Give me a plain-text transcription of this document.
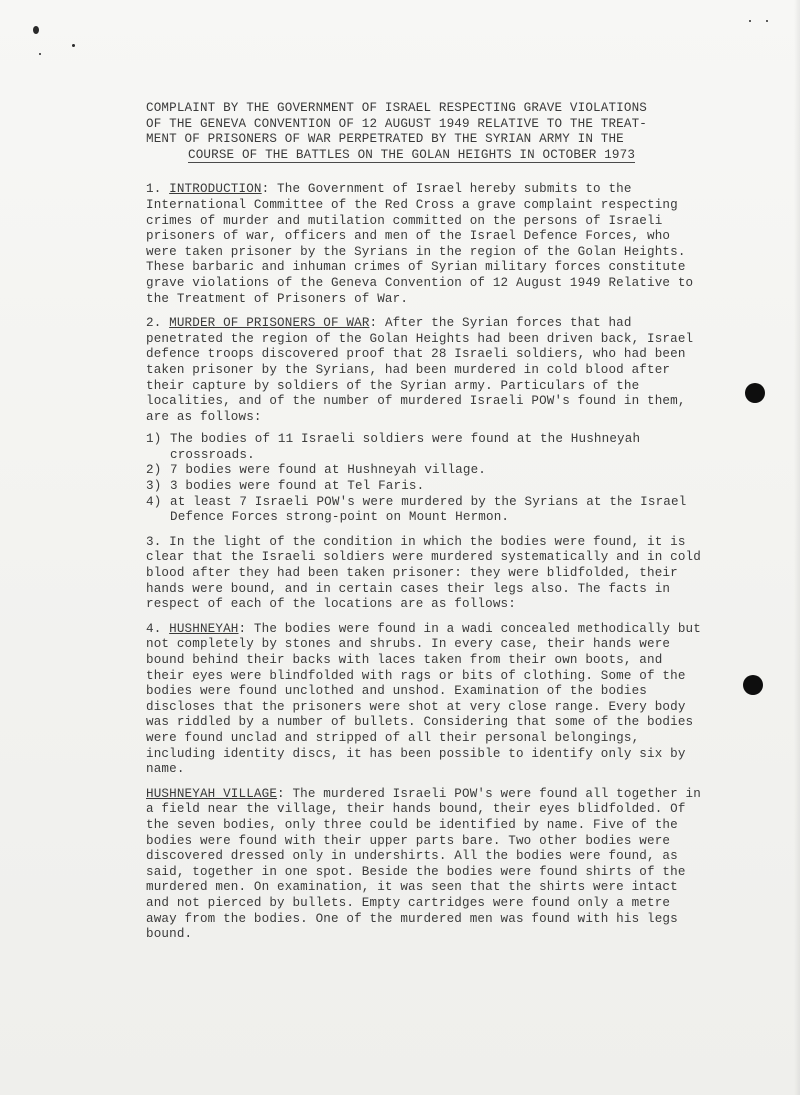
COMPLAINT BY THE GOVERNMENT OF ISRAEL RESPECTING GRAVE VIOLATIONS
OF THE GENEVA CONVENTION OF 12 AUGUST 1949 RELATIVE TO THE TREAT-
MENT OF PRISONERS OF WAR PERPETRATED BY THE SYRIAN ARMY IN THE
COURSE OF THE BATTLES ON THE GOLAN HEIGHTS IN OCTOBER 1973
1. INTRODUCTION: The Government of Israel hereby submits to the International Committee of the Red Cross a grave complaint respecting crimes of murder and mutilation committed on the persons of Israeli prisoners of war, officers and men of the Israel Defence Forces, who were taken prisoner by the Syrians in the region of the Golan Heights. These barbaric and inhuman crimes of Syrian military forces constitute grave violations of the Geneva Convention of 12 August 1949 Relative to the Treatment of Prisoners of War.
2. MURDER OF PRISONERS OF WAR: After the Syrian forces that had penetrated the region of the Golan Heights had been driven back, Israel defence troops discovered proof that 28 Israeli soldiers, who had been taken prisoner by the Syrians, had been murdered in cold blood after their capture by soldiers of the Syrian army. Particulars of the localities, and of the number of murdered Israeli POW's found in them, are as follows:
1) The bodies of 11 Israeli soldiers were found at the Hushneyah crossroads.
2) 7 bodies were found at Hushneyah village.
3) 3 bodies were found at Tel Faris.
4) at least 7 Israeli POW's were murdered by the Syrians at the Israel Defence Forces strong-point on Mount Hermon.
3. In the light of the condition in which the bodies were found, it is clear that the Israeli soldiers were murdered systematically and in cold blood after they had been taken prisoner: they were blidfolded, their hands were bound, and in certain cases their legs also. The facts in respect of each of the locations are as follows:
4. HUSHNEYAH: The bodies were found in a wadi concealed methodically but not completely by stones and shrubs. In every case, their hands were bound behind their backs with laces taken from their own boots, and their eyes were blindfolded with rags or bits of clothing. Some of the bodies were found unclothed and unshod. Examination of the bodies discloses that the prisoners were shot at very close range. Every body was riddled by a number of bullets. Considering that some of the bodies were found unclad and stripped of all their personal belongings, including identity discs, it has been possible to identify only six by name.
HUSHNEYAH VILLAGE: The murdered Israeli POW's were found all together in a field near the village, their hands bound, their eyes blidfolded. Of the seven bodies, only three could be identified by name. Five of the bodies were found with their upper parts bare. Two other bodies were discovered dressed only in undershirts. All the bodies were found, as said, together in one spot. Beside the bodies were found shirts of the murdered men. On examination, it was seen that the shirts were intact and not pierced by bullets. Empty cartridges were found only a metre away from the bodies. One of the murdered men was found with his legs bound.
